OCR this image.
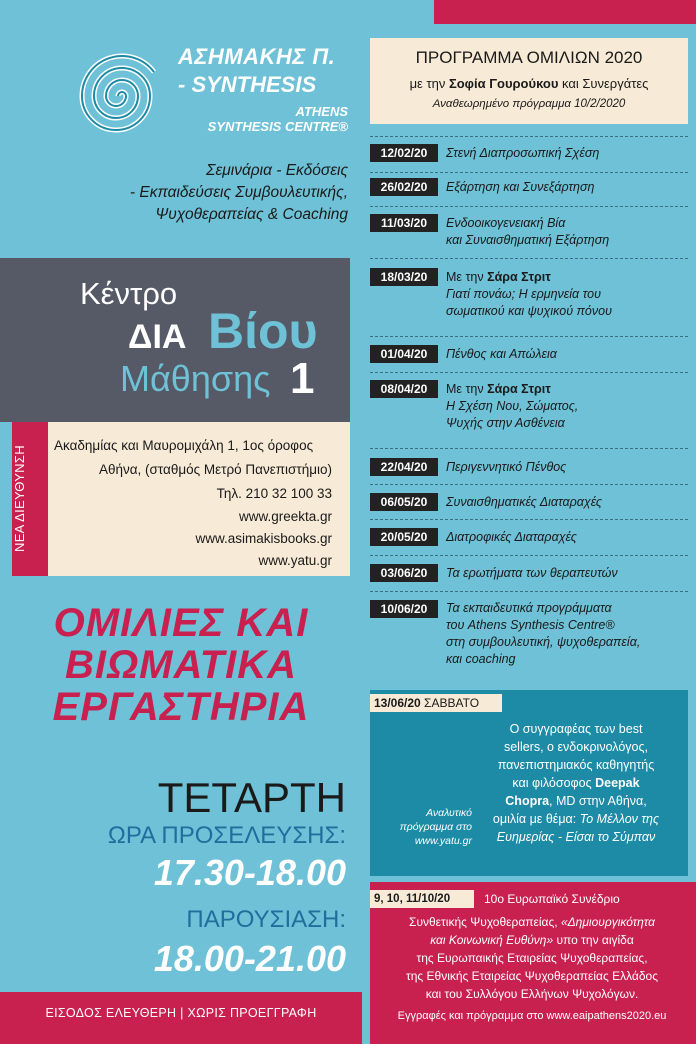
ΑΣΗΜΑΚΗΣ Π.
- SYNTHESIS
ATHENS
SYNTHESIS CENTRE®
Σεμινάρια - Εκδόσεις
- Εκπαιδεύσεις Συμβουλευτικής,
Ψυχοθεραπείας & Coaching
Κέντρο
ΔΙΑ Βίου
Μάθησης 1
ΝΕΑ ΔΙΕΥΘΥΝΣΗ
Ακαδημίας και Μαυρομιχάλη 1, 1ος όροφος
Αθήνα, (σταθμός Μετρό Πανεπιστήμιο)
Τηλ. 210 32 100 33
www.greekta.gr
www.asimakisbooks.gr
www.yatu.gr
ΟΜΙΛΙΕΣ ΚΑΙ
ΒΙΩΜΑΤΙΚΑ
ΕΡΓΑΣΤΗΡΙΑ
ΤΕΤΑΡΤΗ
ΩΡΑ ΠΡΟΣΕΛΕΥΣΗΣ:
17.30-18.00
ΠΑΡΟΥΣΙΑΣΗ:
18.00-21.00
ΕΙΣΟΔΟΣ ΕΛΕΥΘΕΡΗ | ΧΩΡΙΣ ΠΡΟΕΓΓΡΑΦΗ
ΠΡΟΓΡΑΜΜΑ ΟΜΙΛΙΩΝ 2020
με την Σοφία Γουρούκου και Συνεργάτες
Αναθεωρημένο πρόγραμμα 10/2/2020
12/02/20	Στενή Διαπροσωπική Σχέση
26/02/20	Εξάρτηση και Συνεξάρτηση
11/03/20	Ενδοοικογενειακή Βία
και Συναισθηματική Εξάρτηση
18/03/20	Με την Σάρα Στριτ
Γιατί πονάω; Η ερμηνεία του
σωματικού και ψυχικού πόνου
01/04/20	Πένθος και Απώλεια
08/04/20	Με την Σάρα Στριτ
Η Σχέση Νου, Σώματος,
Ψυχής στην Ασθένεια
22/04/20	Περιγεννητικό Πένθος
06/05/20	Συναισθηματικές Διαταραχές
20/05/20	Διατροφικές Διαταραχές
03/06/20	Τα ερωτήματα των θεραπευτών
10/06/20	Τα εκπαιδευτικά προγράμματα
του Athens Synthesis Centre®
στη συμβουλευτική, ψυχοθεραπεία,
και coaching
13/06/20 ΣΑΒΒΑΤΟ
Ο συγγραφέας των best
sellers, ο ενδοκρινολόγος,
πανεπιστημιακός καθηγητής
και φιλόσοφος Deepak
Chopra, MD στην Αθήνα,
ομιλία με θέμα: Το Μέλλον της
Ευημερίας - Είσαι το Σύμπαν
Αναλυτικό
πρόγραμμα στο
www.yatu.gr
9, 10, 11/10/20	10ο Ευρωπαϊκό Συνέδριο
Συνθετικής Ψυχοθεραπείας, «Δημιουργικότητα
και Κοινωνική Ευθύνη» υπο την αιγίδα
της Ευρωπαικής Εταιρείας Ψυχοθεραπείας,
της Εθνικής Εταιρείας Ψυχοθεραπείας Ελλάδος
και του Συλλόγου Ελλήνων Ψυχολόγων.
Εγγραφές και πρόγραμμα στο www.eaipathens2020.eu
